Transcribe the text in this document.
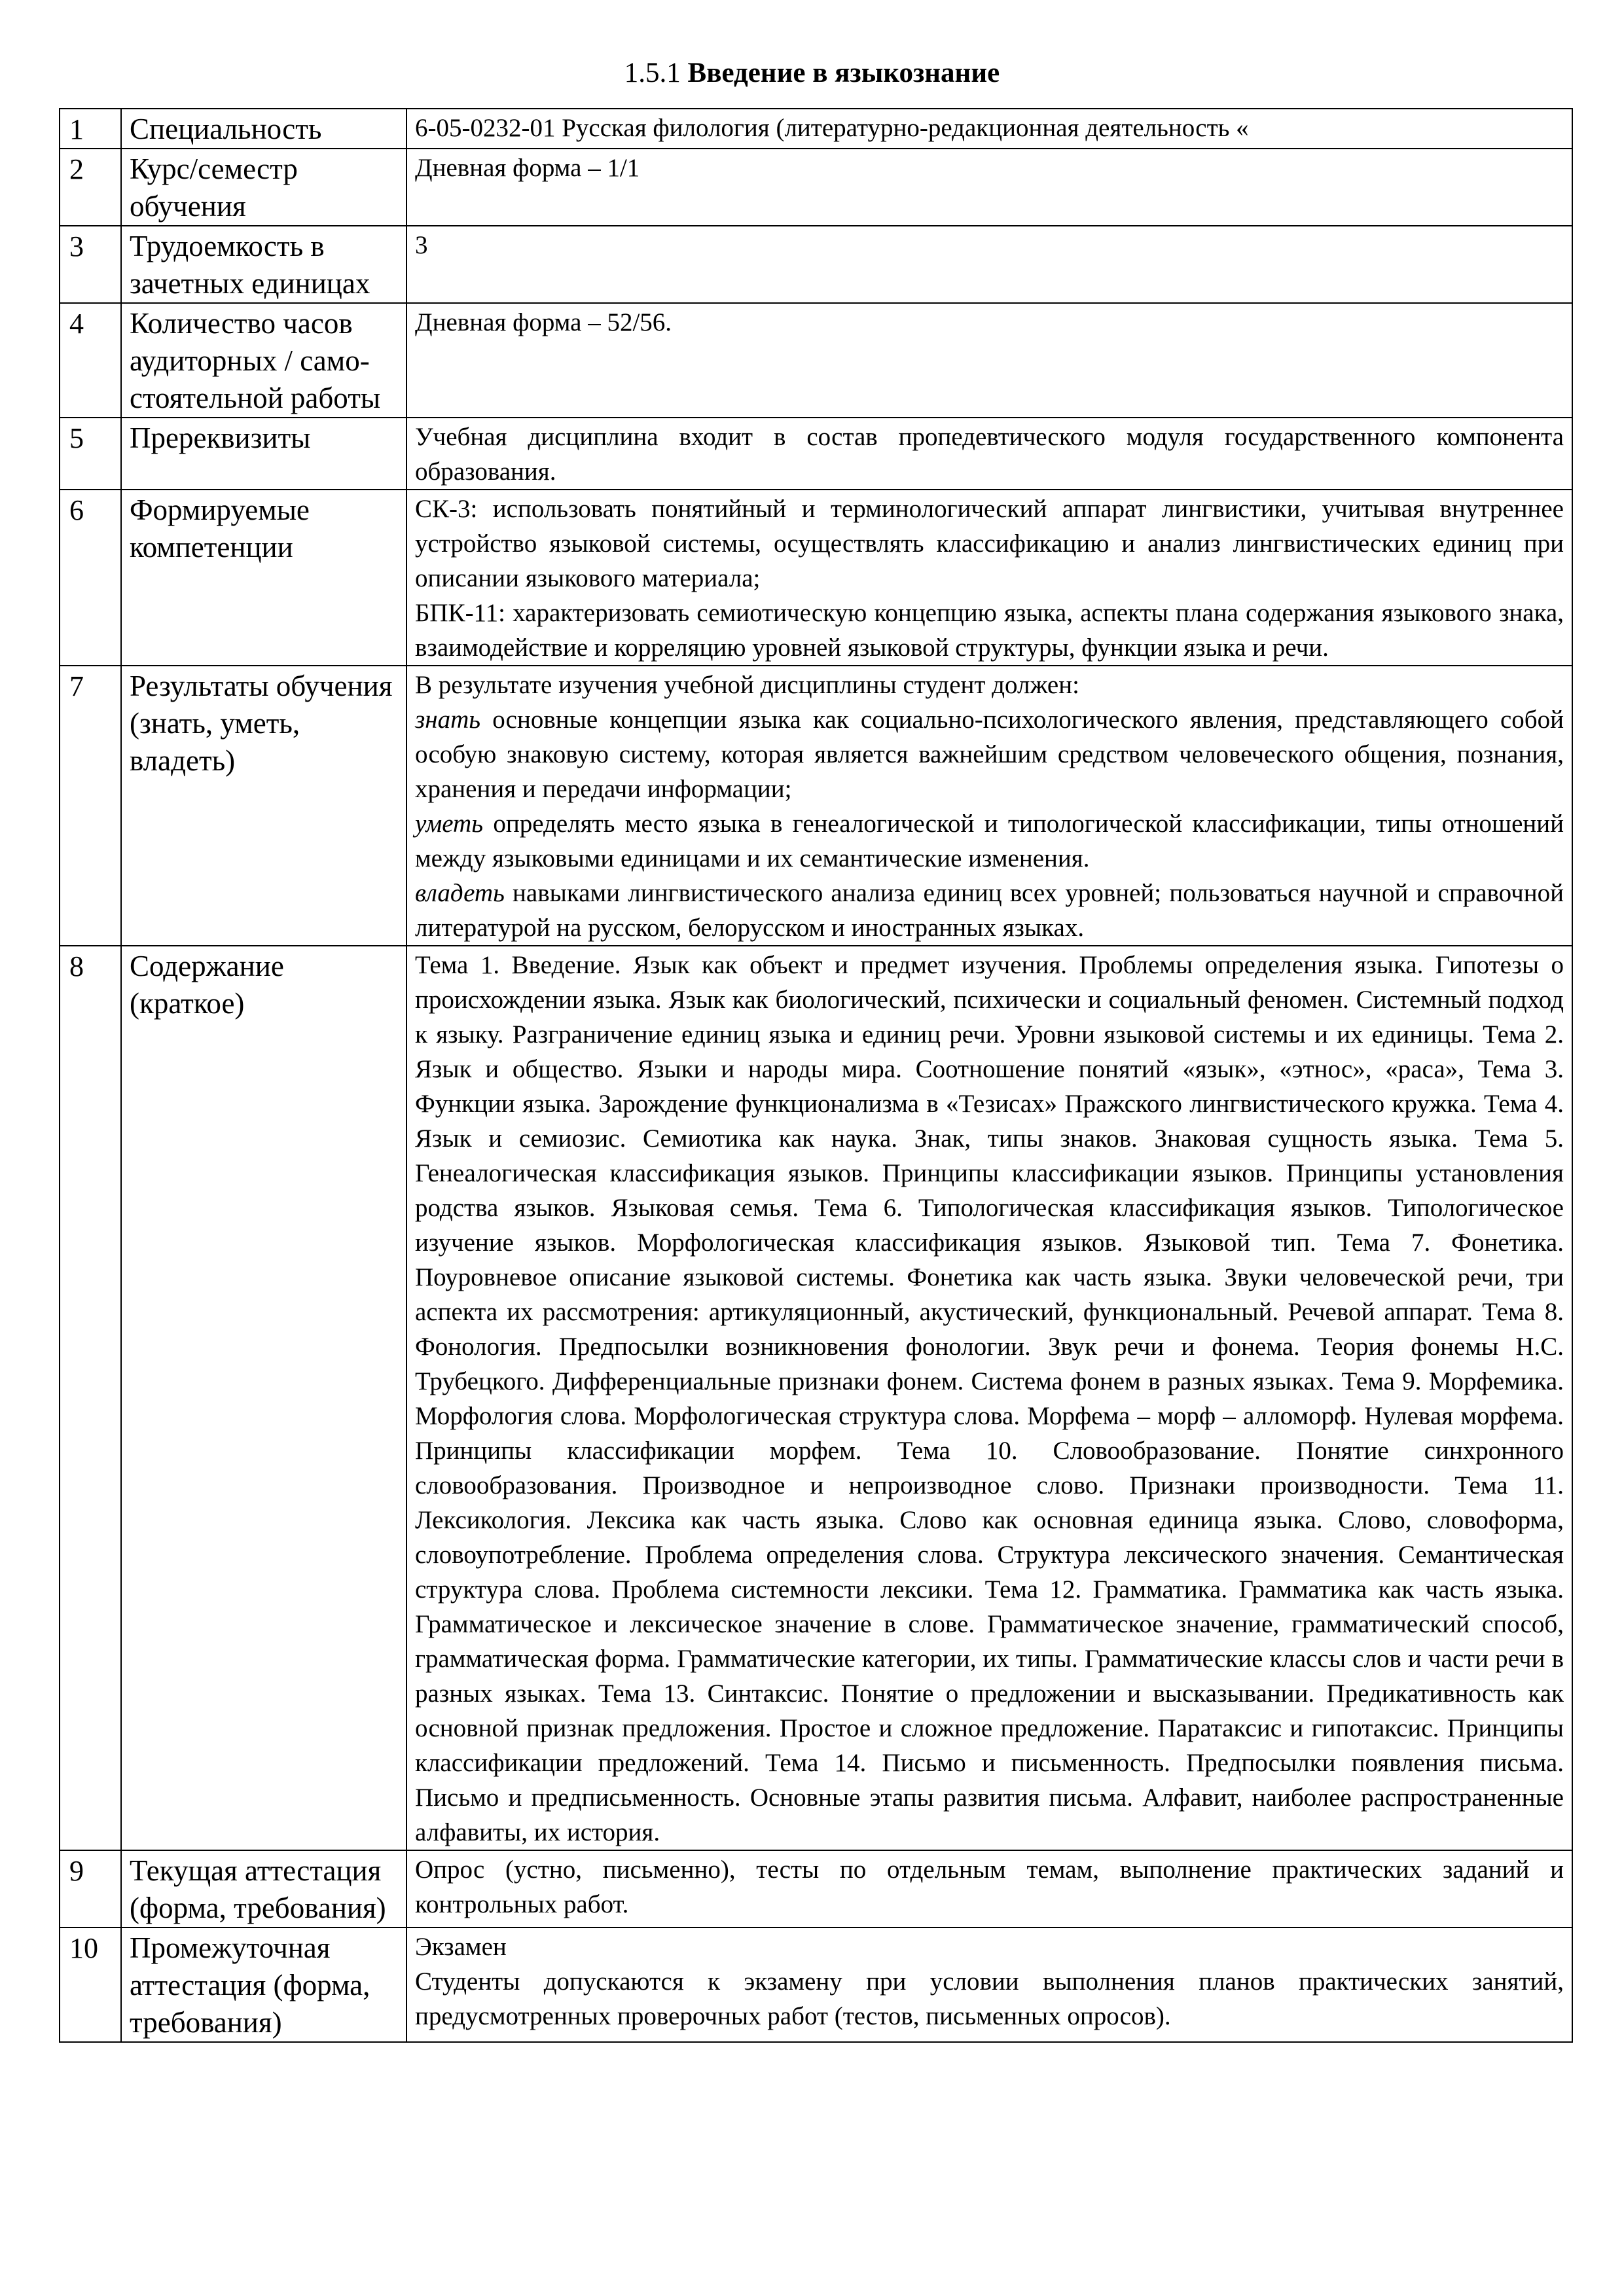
1.5.1 Введение в языкознание
1	Специальность	6-05-0232-01 Русская филология (литературно-редакционная деятельность «

2	Курс/семестр обучения	Дневная форма – 1/1

3	Трудоемкость в зачетных единицах	3

4	Количество часов аудиторных / само-стоятельной работы	Дневная форма – 52/56.

5	Пререквизиты	Учебная дисциплина входит в состав пропедевтического модуля государственного компонента образования.

6	Формируемые компетенции	СК-3: использовать понятийный и терминологический аппарат лингвистики, учитывая внутреннее устройство языковой системы, осуществлять классификацию и анализ лингвистических единиц при описании языкового материала;

БПК-11: характеризовать семиотическую концепцию языка, аспекты плана содержания языкового знака, взаимодействие и корреляцию уровней языковой структуры, функции языка и речи.

7	Результаты обучения (знать, уметь, владеть)	В результате изучения учебной дисциплины студент должен:

знать основные концепции языка как социально-психологического явления, представляющего собой особую знаковую систему, которая является важнейшим средством человеческого общения, познания, хранения и передачи информации;

уметь определять место языка в генеалогической и типологической классификации, типы отношений между языковыми единицами и их семантические изменения.

владеть навыками лингвистического анализа единиц всех уровней; пользоваться научной и справочной литературой на русском, белорусском и иностранных языках.

8	Содержание (краткое)	Тема 1. Введение. Язык как объект и предмет изучения. Проблемы определения языка. Гипотезы о происхождении языка. Язык как биологический, психически и социальный феномен. Системный подход к языку. Разграничение единиц языка и единиц речи. Уровни языковой системы и их единицы. Тема 2. Язык и общество. Языки и народы мира. Соотношение понятий «язык», «этнос», «раса», Тема 3. Функции языка. Зарождение функционализма в «Тезисах» Пражского лингвистического кружка. Тема 4. Язык и семиозис. Семиотика как наука. Знак, типы знаков. Знаковая сущность языка. Тема 5. Генеалогическая классификация языков. Принципы классификации языков. Принципы установления родства языков. Языковая семья. Тема 6. Типологическая классификация языков. Типологическое изучение языков. Морфологическая классификация языков. Языковой тип. Тема 7. Фонетика. Поуровневое описание языковой системы. Фонетика как часть языка. Звуки человеческой речи, три аспекта их рассмотрения: артикуляционный, акустический, функциональный. Речевой аппарат. Тема 8. Фонология. Предпосылки возникновения фонологии. Звук речи и фонема. Теория фонемы Н.С. Трубецкого. Дифференциальные признаки фонем. Система фонем в разных языках. Тема 9. Морфемика. Морфология слова. Морфологическая структура слова. Морфема – морф – алломорф. Нулевая морфема. Принципы классификации морфем. Тема 10. Словообразование. Понятие синхронного словообразования. Производное и непроизводное слово. Признаки производности. Тема 11. Лексикология. Лексика как часть языка. Слово как основная единица языка. Слово, словоформа, словоупотребление. Проблема определения слова. Структура лексического значения. Семантическая структура слова. Проблема системности лексики. Тема 12. Грамматика. Грамматика как часть языка. Грамматическое и лексическое значение в слове. Грамматическое значение, грамматический способ, грамматическая форма. Грамматические категории, их типы. Грамматические классы слов и части речи в разных языках. Тема 13. Синтаксис. Понятие о предложении и высказывании. Предикативность как основной признак предложения. Простое и сложное предложение. Паратаксис и гипотаксис. Принципы классификации предложений. Тема 14. Письмо и письменность. Предпосылки появления письма. Письмо и предписьменность. Основные этапы развития письма. Алфавит, наиболее распространенные алфавиты, их история.

9	Текущая аттестация (форма, требования)	Опрос (устно, письменно), тесты по отдельным темам, выполнение практических заданий и контрольных работ.

10	Промежуточная аттестация (форма, требования)	Экзамен

Студенты допускаются к экзамену при условии выполнения планов практических занятий, предусмотренных проверочных работ (тестов, письменных опросов).
